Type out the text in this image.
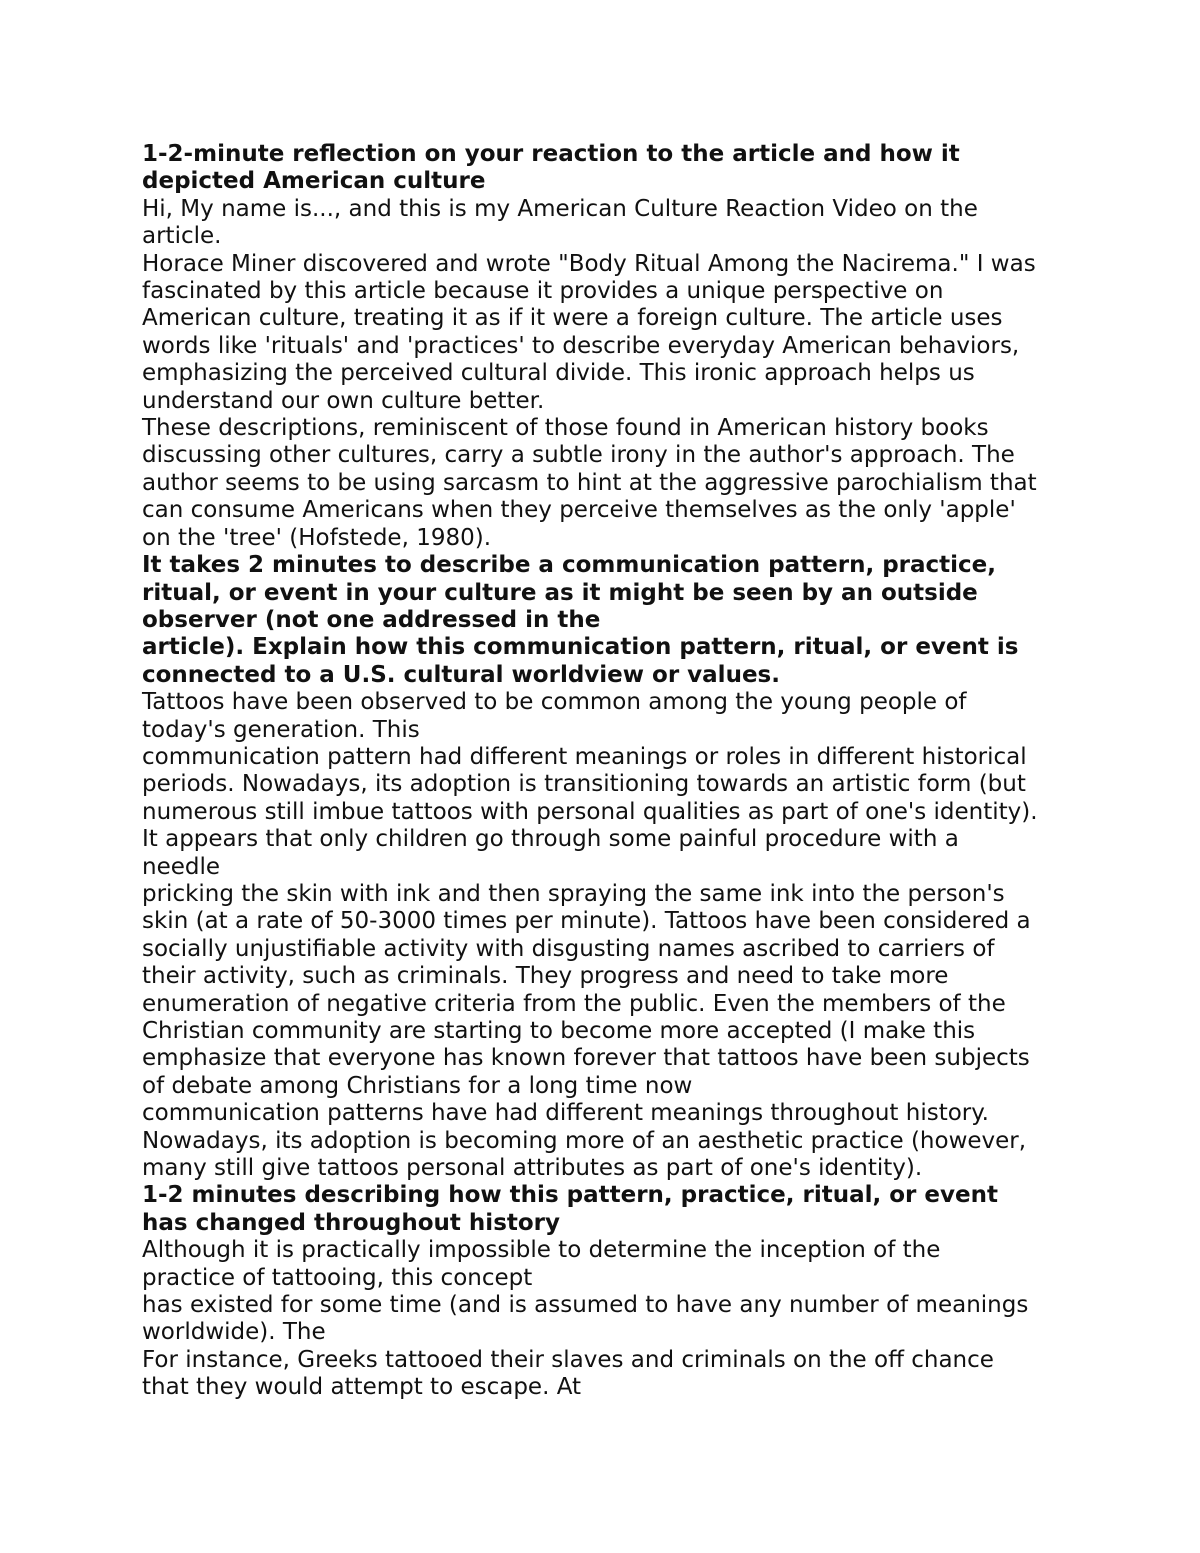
1-2-minute reflection on your reaction to the article and how it

depicted American culture

Hi, My name is..., and this is my American Culture Reaction Video on the

article.

Horace Miner discovered and wrote "Body Ritual Among the Nacirema." I was

fascinated by this article because it provides a unique perspective on

American culture, treating it as if it were a foreign culture. The article uses

words like 'rituals' and 'practices' to describe everyday American behaviors,

emphasizing the perceived cultural divide. This ironic approach helps us

understand our own culture better.

These descriptions, reminiscent of those found in American history books

discussing other cultures, carry a subtle irony in the author's approach. The

author seems to be using sarcasm to hint at the aggressive parochialism that

can consume Americans when they perceive themselves as the only 'apple'

on the 'tree' (Hofstede, 1980).

It takes 2 minutes to describe a communication pattern, practice,

ritual, or event in your culture as it might be seen by an outside

observer (not one addressed in the

article). Explain how this communication pattern, ritual, or event is

connected to a U.S. cultural worldview or values.

Tattoos have been observed to be common among the young people of

today's generation. This

communication pattern had different meanings or roles in different historical

periods. Nowadays, its adoption is transitioning towards an artistic form (but

numerous still imbue tattoos with personal qualities as part of one's identity).

It appears that only children go through some painful procedure with a

needle

pricking the skin with ink and then spraying the same ink into the person's

skin (at a rate of 50-3000 times per minute). Tattoos have been considered a

socially unjustifiable activity with disgusting names ascribed to carriers of

their activity, such as criminals. They progress and need to take more

enumeration of negative criteria from the public. Even the members of the

Christian community are starting to become more accepted (I make this

emphasize that everyone has known forever that tattoos have been subjects

of debate among Christians for a long time now

communication patterns have had different meanings throughout history.

Nowadays, its adoption is becoming more of an aesthetic practice (however,

many still give tattoos personal attributes as part of one's identity).

1-2 minutes describing how this pattern, practice, ritual, or event

has changed throughout history

Although it is practically impossible to determine the inception of the

practice of tattooing, this concept

has existed for some time (and is assumed to have any number of meanings

worldwide). The

For instance, Greeks tattooed their slaves and criminals on the off chance

that they would attempt to escape. At
